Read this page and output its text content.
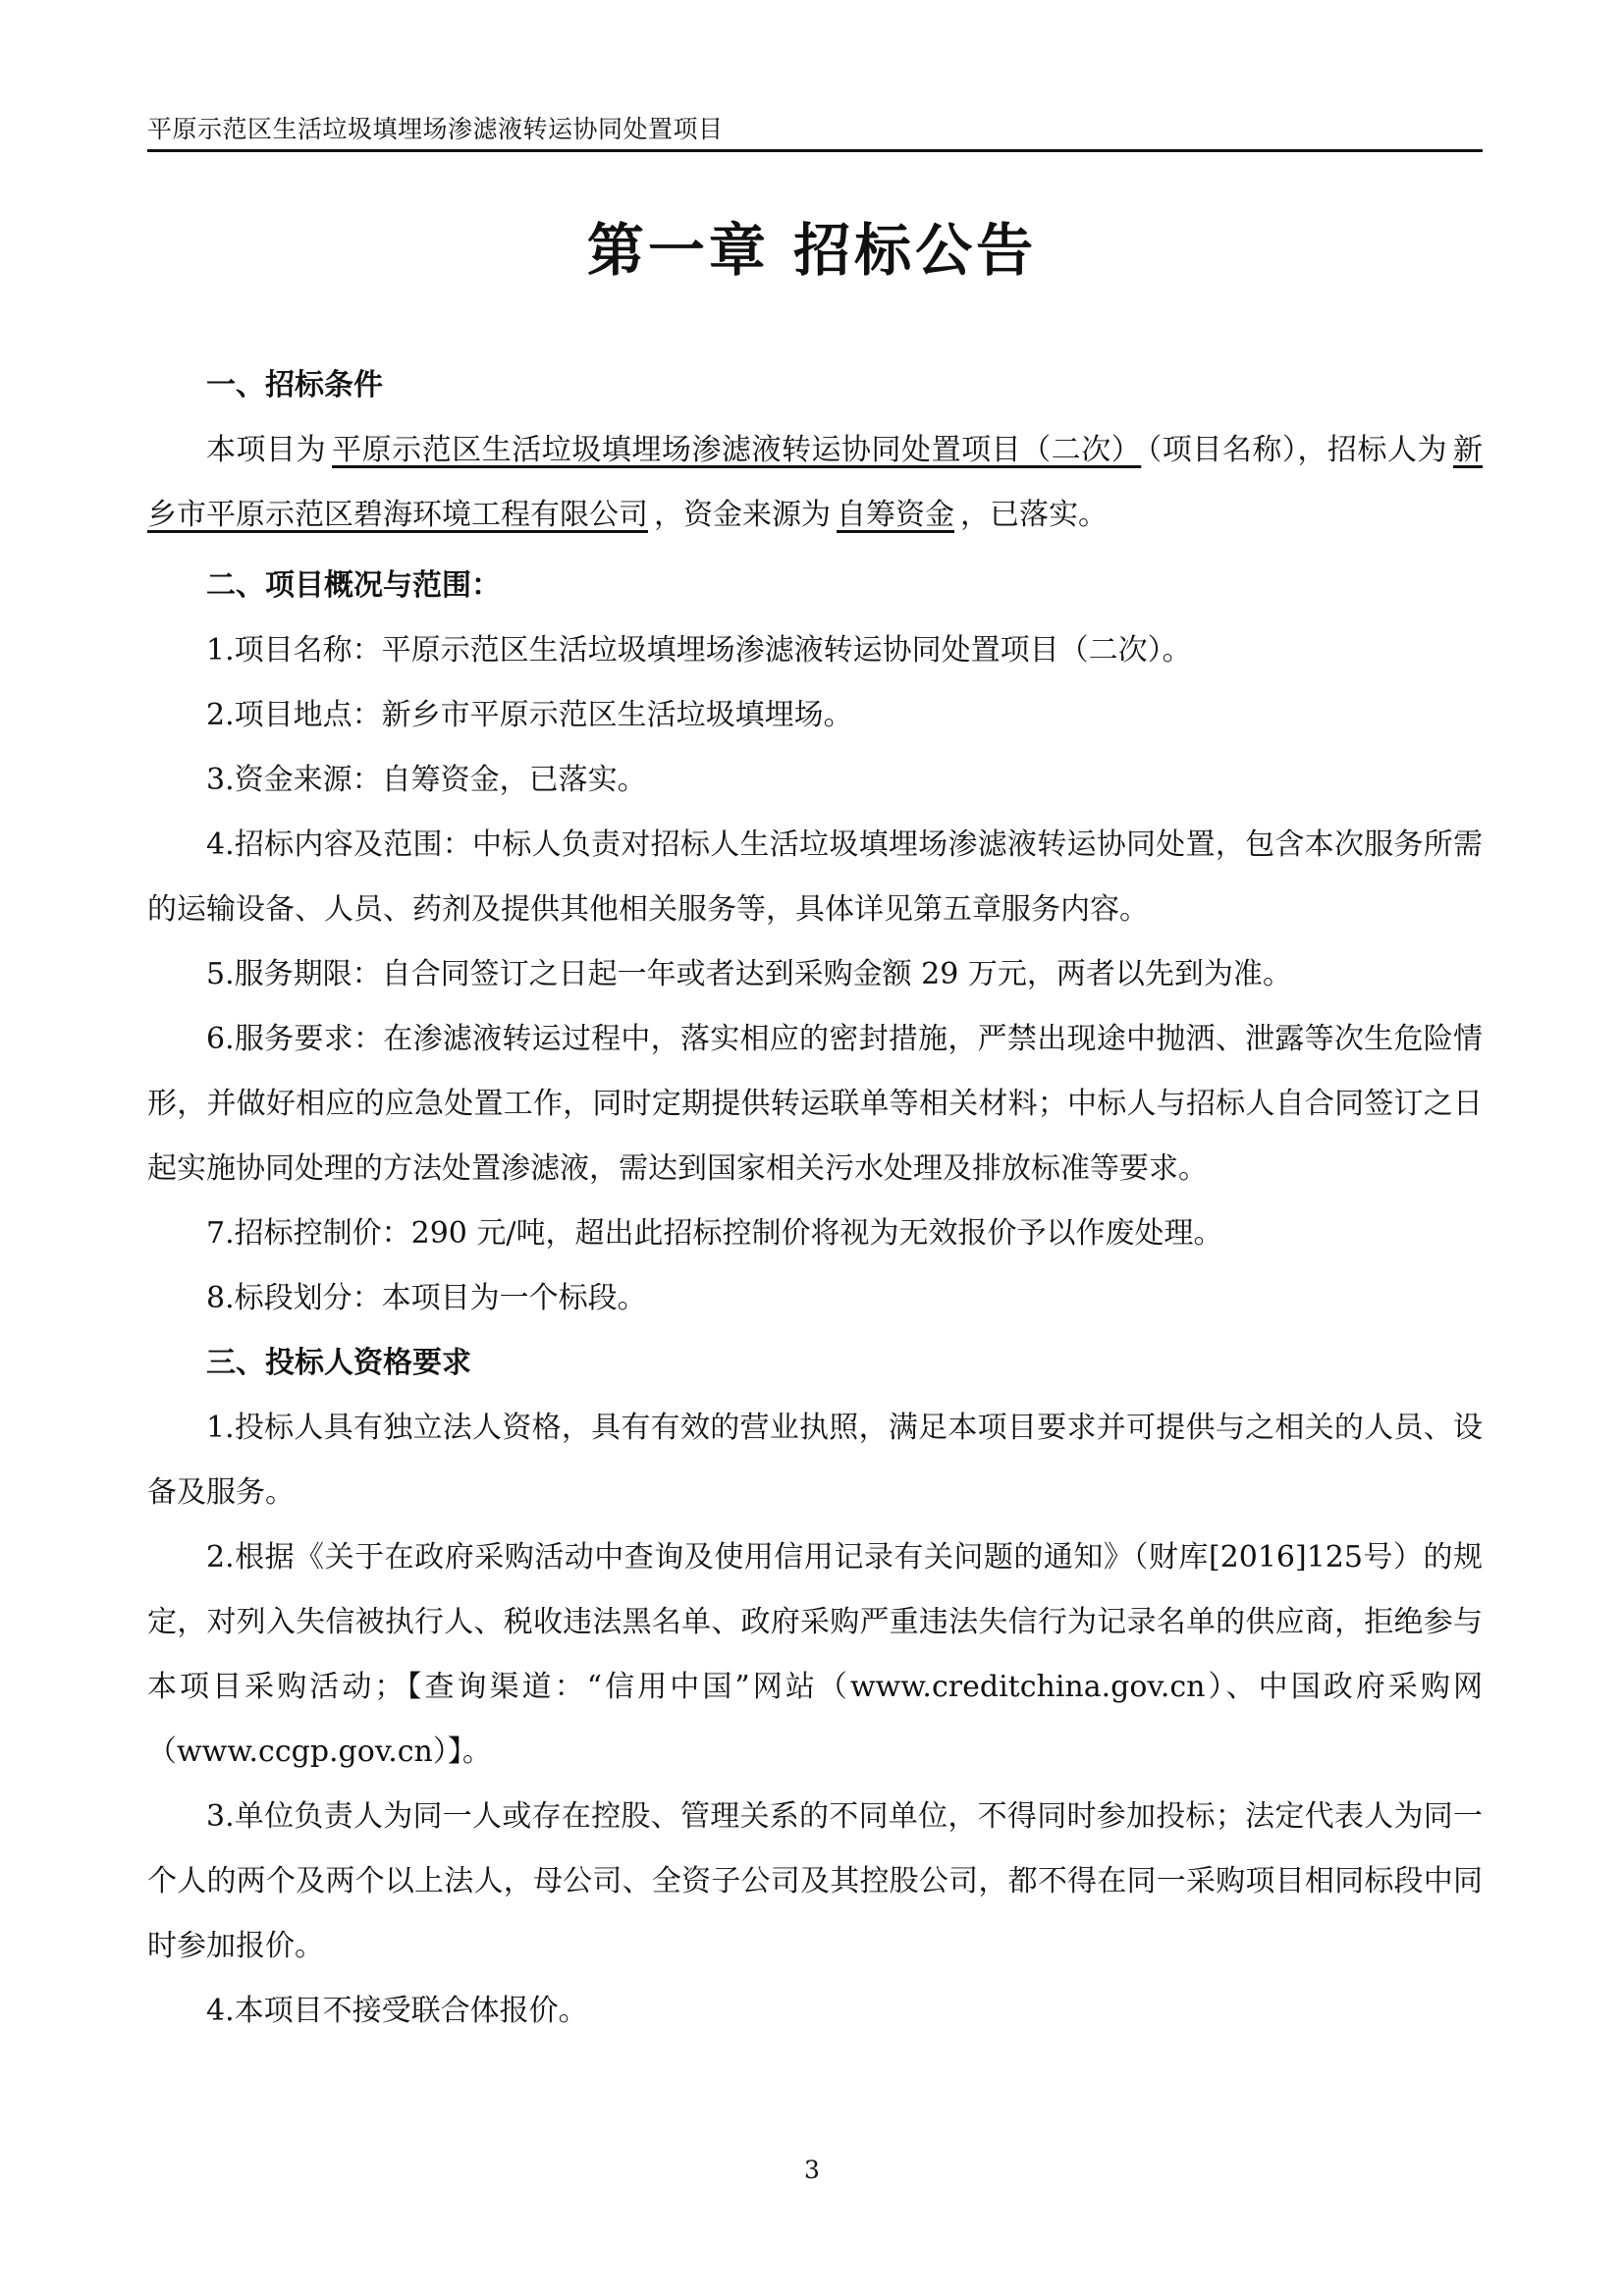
平原示范区生活垃圾填埋场渗滤液转运协同处置项目
第一章 招标公告

一、招标条件

本项目为 平原示范区生活垃圾填埋场渗滤液转运协同处置项目（二次） （项目名称），招标人为 新乡市平原示范区碧海环境工程有限公司 ，资金来源为 自筹资金 ，已落实。

二、项目概况与范围：

1.项目名称：平原示范区生活垃圾填埋场渗滤液转运协同处置项目（二次）。

2.项目地点：新乡市平原示范区生活垃圾填埋场。

3.资金来源：自筹资金，已落实。

4.招标内容及范围：中标人负责对招标人生活垃圾填埋场渗滤液转运协同处置，包含本次服务所需的运输设备、人员、药剂及提供其他相关服务等，具体详见第五章服务内容。

5.服务期限：自合同签订之日起一年或者达到采购金额 29 万元，两者以先到为准。

6.服务要求：在渗滤液转运过程中，落实相应的密封措施，严禁出现途中抛洒、泄露等次生危险情形，并做好相应的应急处置工作，同时定期提供转运联单等相关材料；中标人与招标人自合同签订之日起实施协同处理的方法处置渗滤液，需达到国家相关污水处理及排放标准等要求。

7.招标控制价：290 元/吨，超出此招标控制价将视为无效报价予以作废处理。

8.标段划分：本项目为一个标段。

三、投标人资格要求

1.投标人具有独立法人资格，具有有效的营业执照，满足本项目要求并可提供与之相关的人员、设备及服务。

2.根据《关于在政府采购活动中查询及使用信用记录有关问题的通知》（财库[2016]125号）的规定，对列入失信被执行人、税收违法黑名单、政府采购严重违法失信行为记录名单的供应商，拒绝参与本项目采购活动；【查询渠道：“信用中国”网站（www.creditchina.gov.cn）、中国政府采购网（www.ccgp.gov.cn）】。

3.单位负责人为同一人或存在控股、管理关系的不同单位，不得同时参加投标；法定代表人为同一个人的两个及两个以上法人，母公司、全资子公司及其控股公司，都不得在同一采购项目相同标段中同时参加报价。

4.本项目不接受联合体报价。

3
